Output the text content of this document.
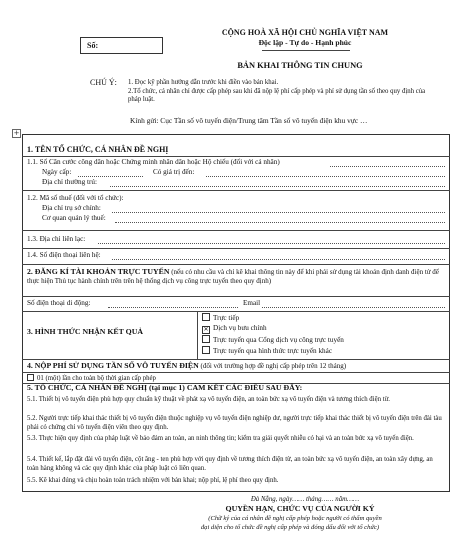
Số:
CỘNG HOÀ XÃ HỘI CHỦ NGHĨA VIỆT NAM
Độc lập - Tự do - Hạnh phúc
BẢN KHAI THÔNG TIN CHUNG
CHÚ Ý: 1. Đọc kỹ phần hướng dẫn trước khi điền vào bản khai.
2.Tổ chức, cá nhân chỉ được cấp phép sau khi đã nộp lệ phí cấp phép và phí sử dụng tần số theo quy định của pháp luật.
Kính gửi: Cục Tần số vô tuyến điện/Trung tâm Tần số vô tuyến điện khu vực …
+
1. TÊN TỔ CHỨC, CÁ NHÂN ĐỀ NGHỊ
1.1. Số Căn cước công dân hoặc Chứng minh nhân dân hoặc Hộ chiếu (đối với cá nhân)
Ngày cấp:	Có giá trị đến:
Địa chỉ thường trú:
1.2. Mã số thuế (đối với tổ chức):
Địa chỉ trụ sở chính:
Cơ quan quản lý thuế:
1.3. Địa chỉ liên lạc:
1.4. Số điện thoại liên hệ:
2. ĐĂNG KÍ TÀI KHOẢN TRỰC TUYẾN (nếu có nhu cầu và chỉ kê khai thông tin này để khi phải sử dụng tài khoản định danh điện tử để thực hiện Thủ tục hành chính trên trên hệ thống dịch vụ công trực tuyến theo quy định)
Số điện thoại di động:	Email
3. HÌNH THỨC NHẬN KẾT QUẢ
Trực tiếp
✕ Dịch vụ bưu chính
Trực tuyến qua Cổng dịch vụ công trực tuyến
Trực tuyến qua hình thức trực tuyến khác
4. NỘP PHÍ SỬ DỤNG TẦN SỐ VÔ TUYẾN ĐIỆN (đối với trường hợp đề nghị cấp phép trên 12 tháng)
01 (một) lần cho toàn bộ thời gian cấp phép
5. TỔ CHỨC, CÁ NHÂN ĐỀ NGHỊ (tại mục 1) CAM KẾT CÁC ĐIỀU SAU ĐÂY:
5.1. Thiết bị vô tuyến điện phù hợp quy chuẩn kỹ thuật về phát xạ vô tuyến điện, an toàn bức xạ vô tuyến điện và tương thích điện từ.
5.2. Người trực tiếp khai thác thiết bị vô tuyến điện thuộc nghiệp vụ vô tuyến điện nghiệp dư, người trực tiếp khai thác thiết bị vô tuyến điện trên đài tàu phải có chứng chỉ vô tuyến điện viên theo quy định.
5.3. Thực hiện quy định của pháp luật về bảo đảm an toàn, an ninh thông tin; kiểm tra giải quyết nhiễu có hại và an toàn bức xạ vô tuyến điện.
5.4. Thiết kế, lắp đặt đài vô tuyến điện, cột ăng - ten phù hợp với quy định về tương thích điện từ, an toàn bức xạ vô tuyến điện, an toàn xây dựng, an toàn hàng không và các quy định khác của pháp luật có liên quan.
5.5. Kê khai đúng và chịu hoàn toàn trách nhiệm với bản khai; nộp phí, lệ phí theo quy định.
Đà Nẵng, ngày…… tháng…… năm……
QUYỀN HẠN, CHỨC VỤ CỦA NGƯỜI KÝ
(Chữ ký của cá nhân đề nghị cấp phép hoặc người có thẩm quyền
đại diện cho tổ chức đề nghị cấp phép và đóng dấu đối với tổ chức)
